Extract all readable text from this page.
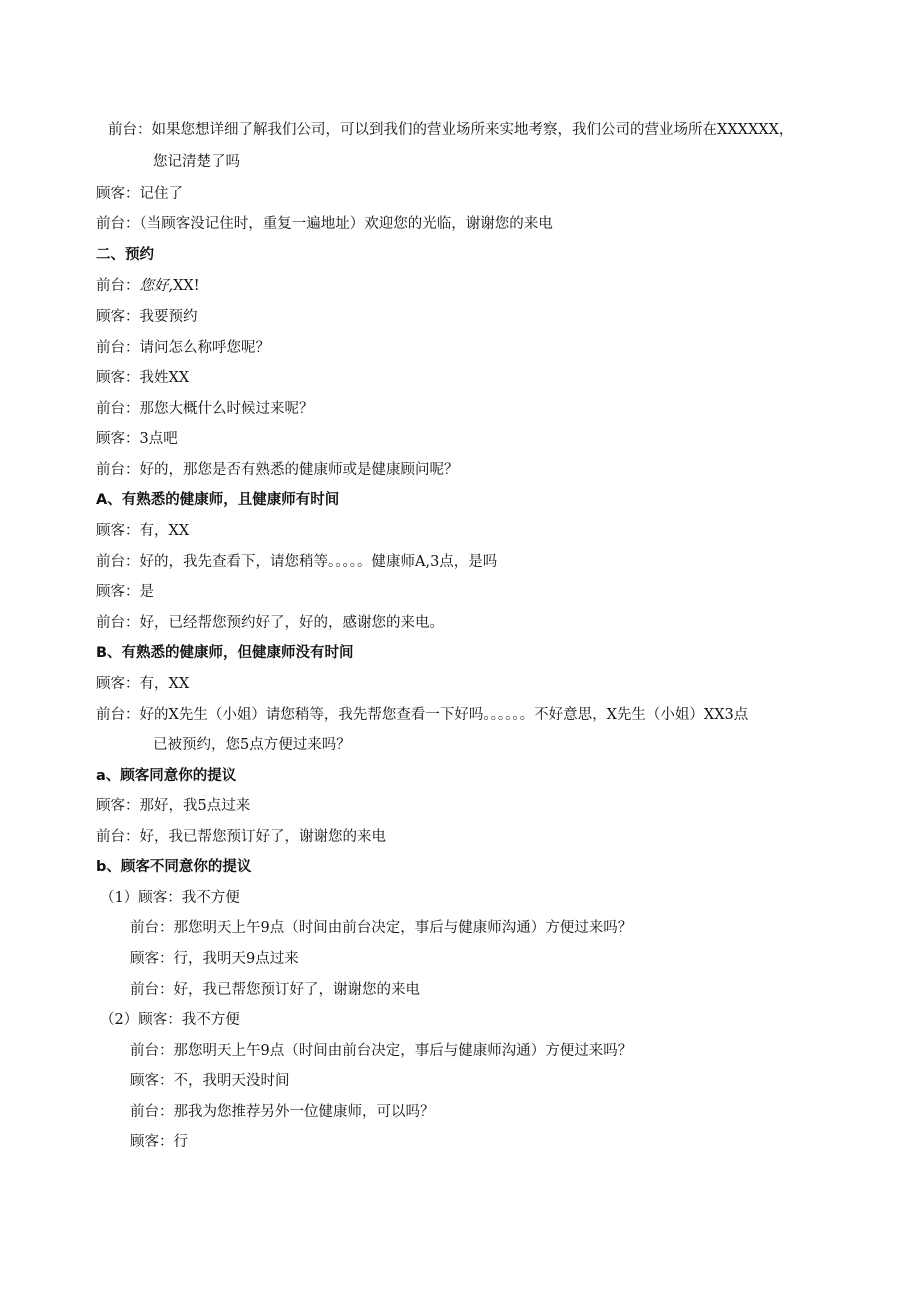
前台：如果您想详细了解我们公司，可以到我们的营业场所来实地考察，我们公司的营业场所在XXXXXX，
您记清楚了吗
顾客：记住了
前台：（当顾客没记住时，重复一遍地址）欢迎您的光临，谢谢您的来电
二、预约
前台：您好,XX!
顾客：我要预约
前台：请问怎么称呼您呢？
顾客：我姓XX
前台：那您大概什么时候过来呢？
顾客：3点吧
前台：好的，那您是否有熟悉的健康师或是健康顾问呢？
A、有熟悉的健康师，且健康师有时间
顾客：有，XX
前台：好的，我先查看下，请您稍等。。。。。健康师A,3点，是吗
顾客：是
前台：好，已经帮您预约好了，好的，感谢您的来电。
B、有熟悉的健康师，但健康师没有时间
顾客：有，XX
前台：好的X先生（小姐）请您稍等，我先帮您查看一下好吗。。。。。。不好意思，X先生（小姐）XX3点
已被预约，您5点方便过来吗？
a、顾客同意你的提议
顾客：那好，我5点过来
前台：好，我已帮您预订好了，谢谢您的来电
b、顾客不同意你的提议
（1）顾客：我不方便
前台：那您明天上午9点（时间由前台决定，事后与健康师沟通）方便过来吗？
顾客：行，我明天9点过来
前台：好，我已帮您预订好了，谢谢您的来电
（2）顾客：我不方便
前台：那您明天上午9点（时间由前台决定，事后与健康师沟通）方便过来吗？
顾客：不，我明天没时间
前台：那我为您推荐另外一位健康师，可以吗？
顾客：行
